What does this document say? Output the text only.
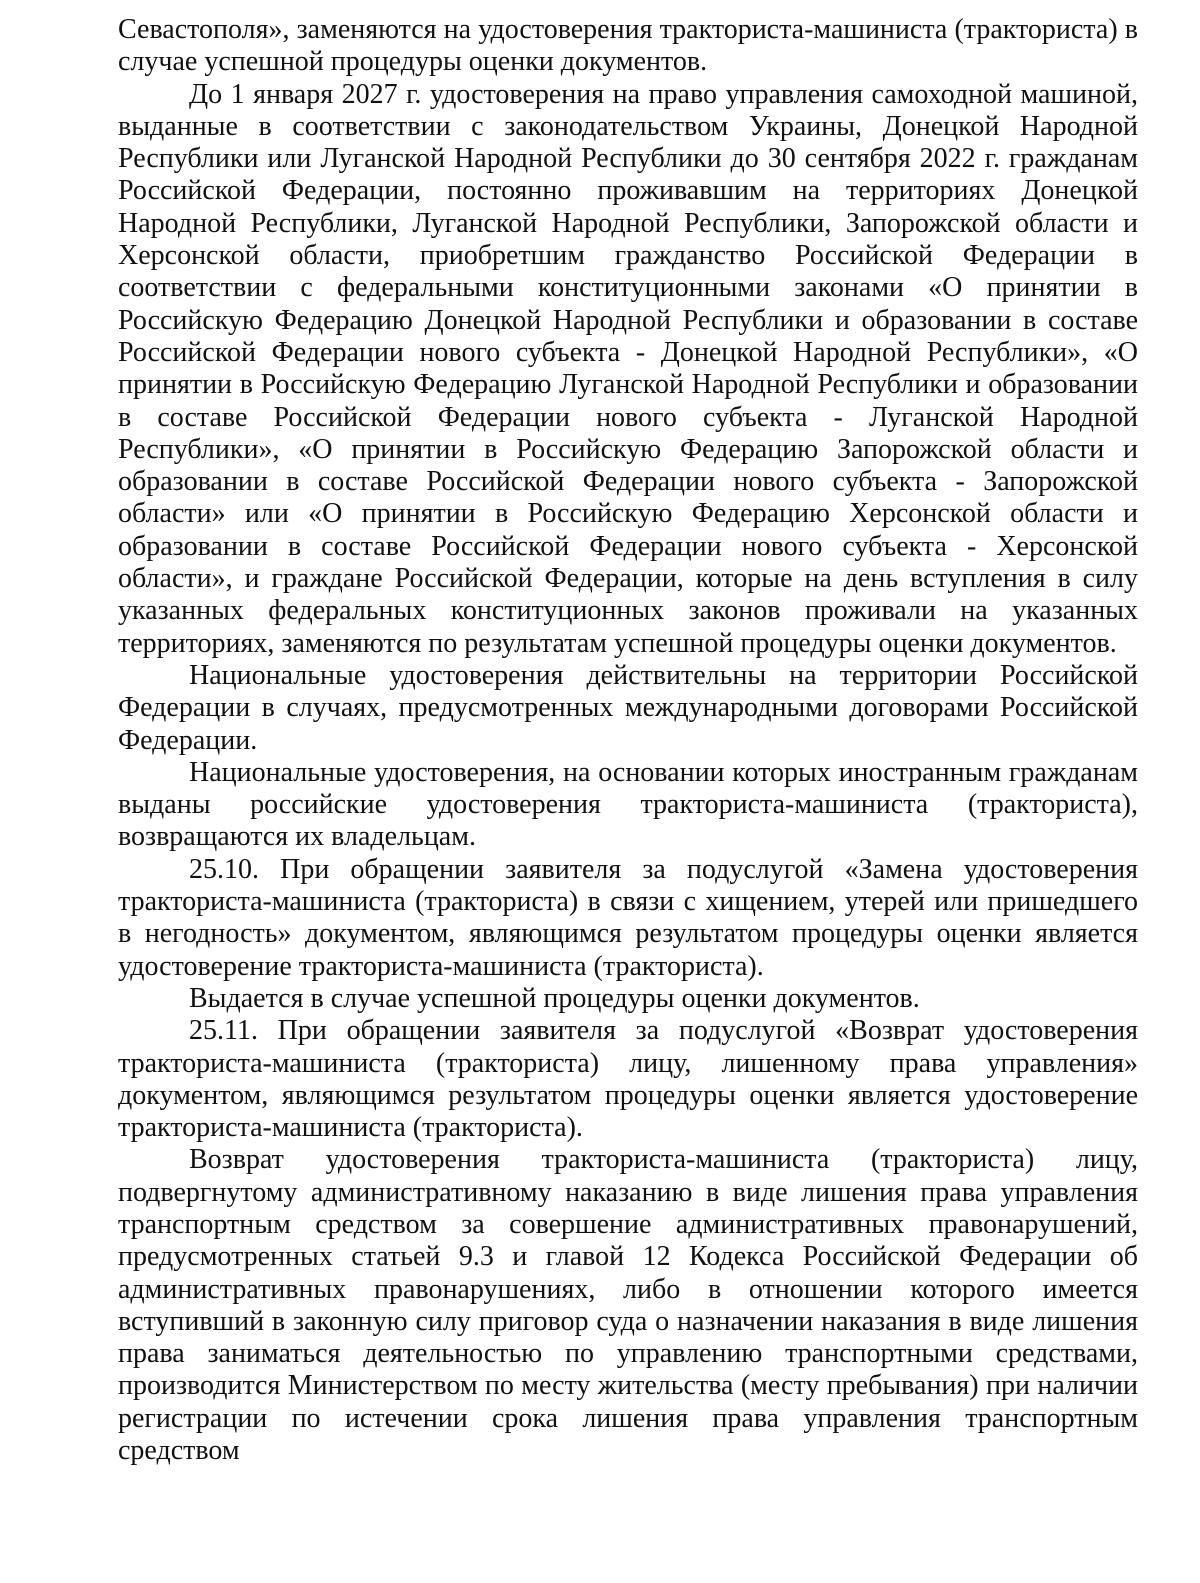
Севастополя», заменяются на удостоверения тракториста-машиниста (тракториста) в случае успешной процедуры оценки документов.

До 1 января 2027 г. удостоверения на право управления самоходной машиной, выданные в соответствии с законодательством Украины, Донецкой Народной Республики или Луганской Народной Республики до 30 сентября 2022 г. гражданам Российской Федерации, постоянно проживавшим на территориях Донецкой Народной Республики, Луганской Народной Республики, Запорожской области и Херсонской области, приобретшим гражданство Российской Федерации в соответствии с федеральными конституционными законами «О принятии в Российскую Федерацию Донецкой Народной Республики и образовании в составе Российской Федерации нового субъекта - Донецкой Народной Республики», «О принятии в Российскую Федерацию Луганской Народной Республики и образовании в составе Российской Федерации нового субъекта - Луганской Народной Республики», «О принятии в Российскую Федерацию Запорожской области и образовании в составе Российской Федерации нового субъекта - Запорожской области» или «О принятии в Российскую Федерацию Херсонской области и образовании в составе Российской Федерации нового субъекта - Херсонской области», и граждане Российской Федерации, которые на день вступления в силу указанных федеральных конституционных законов проживали на указанных территориях, заменяются по результатам успешной процедуры оценки документов.

Национальные удостоверения действительны на территории Российской Федерации в случаях, предусмотренных международными договорами Российской Федерации.

Национальные удостоверения, на основании которых иностранным гражданам выданы российские удостоверения тракториста-машиниста (тракториста), возвращаются их владельцам.

25.10. При обращении заявителя за подуслугой «Замена удостоверения тракториста-машиниста (тракториста) в связи с хищением, утерей или пришедшего в негодность» документом, являющимся результатом процедуры оценки является удостоверение тракториста-машиниста (тракториста).

Выдается в случае успешной процедуры оценки документов.

25.11. При обращении заявителя за подуслугой «Возврат удостоверения тракториста-машиниста (тракториста) лицу, лишенному права управления» документом, являющимся результатом процедуры оценки является удостоверение тракториста-машиниста (тракториста).

Возврат удостоверения тракториста-машиниста (тракториста) лицу, подвергнутому административному наказанию в виде лишения права управления транспортным средством за совершение административных правонарушений, предусмотренных статьей 9.3 и главой 12 Кодекса Российской Федерации об административных правонарушениях, либо в отношении которого имеется вступивший в законную силу приговор суда о назначении наказания в виде лишения права заниматься деятельностью по управлению транспортными средствами, производится Министерством по месту жительства (месту пребывания) при наличии регистрации по истечении срока лишения права управления транспортным средством
